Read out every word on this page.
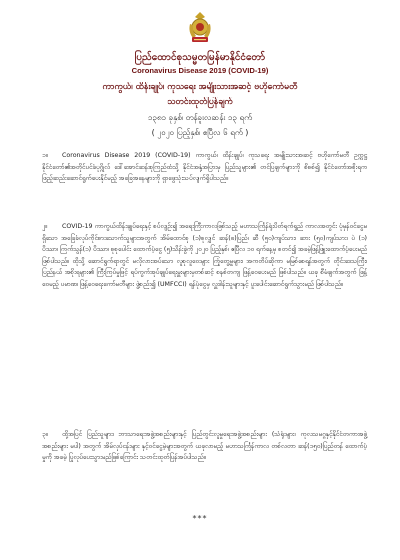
ပြည်ထောင်စုသမ္မတမြန်မာနိုင်ငံတော်
Coronavirus Disease 2019 (COVID-19)
ကာကွယ်၊ ထိန်းချုပ်၊ ကုသရေး အမျိုးသားအဆင့် ဗဟိုကော်မတီ
သတင်းထုတ်ပြန်ချက်
၁၃၈၁ ခုနှစ်၊ တန်ခူးလဆန်း ၁၃ ရက်
( ၂၀၂၀ ပြည့်နှစ်၊ ဧပြီလ ၆ ရက် )
၁။ Coronavirus Disease 2019 (COVID-19) ကာကွယ်၊ ထိန်းချုပ်၊ ကုသရေး အမျိုးသားအဆင့် ဗဟိုကော်မတီ ဥက္ကဋ္ဌ နိုင်ငံတော်၏အတိုင်ပင်ခံပုဂ္ဂိုလ် ဒေါ်အောင်ဆန်းစုကြည်ထံသို့ နိုင်ငံအနှံ့အပြားမှ ပြည်သူများ၏ တင်ပြချက်များကို စိစစ်၍ နိုင်ငံတော်အစိုးရက ဖြည့်ဆည်းဆောင်ရွက်ပေးနိုင်မည့် အခြေအနေများကို ရှာဖွေသုံးသပ်လျက်ရှိပါသည်။
၂။ COVID-19 ကာကွယ်ထိန်းချုပ်ရေးနှင့် စပ်လျဉ်း၍ အရေးကြီးကာလဖြစ်သည့် မဟာသင်္ကြန်ရုံးပိတ်ရက်ရှည် ကာလအတွင်း ပုံမှန်ဝင်ငွေမရှိသော အခြေခံလုပ်ကိုင်စားသောက်သူများအတွက် အိမ်ထောင်စု (၁)စုလျှင် ဆန်(၈)ပြည်၊ ဆီ (၅၀)ကျပ်သား၊ ဆား (၅၀)ကျပ်သား၊ ပဲ (၁) ပိဿာ၊ ကြက်သွန်(၁) ပိဿာ၊ စုစုပေါင်း ထောက်ပံ့ငွေ (၅)သိန်းခွဲကို ၂၀၂၀ ပြည့်နှစ်၊ ဧပြီလ ၁၀ ရက်နေ့မှ စတင်၍ အခမဲ့ဖြန့်ဖြူးထောက်ပံ့ပေးမည် ဖြစ်ပါသည်။ ထိုသို့ ဆောင်ရွက်ရာတွင် မလိုလားအပ်သော လူစုလူဝေးများ ကြုံတွေ့မှုများ၊ အကတိပ်ဆိုကာ မမြစ်စေရန်အတွက် တိုင်းဒေသကြီး၊ ပြည်နယ် အစိုးရများ၏ ကြီးကြပ်မှုဖြင့် ရပ်ကွက်အုပ်ချုပ်ရေးမှူးများမှတစ်ဆင့် စနစ်တကျ ဖြန့်ဝေပေးမည် ဖြစ်ပါသည်။ ယခု စီမံချက်အတွက် ဖြန့်ဝေမည့် ပမာဏ၊ ဖြန့်ဝေရေးကော်မတီများ ဖွဲ့စည်း၍ (UMFCCI) ရန်ပုံငွေမှ လှူဒါန်းသူများနှင့် ပူးပေါင်းဆောင်ရွက်သွားမည် ဖြစ်ပါသည်။
၃။ ထို့အပြင် ပြည်သူများ၊ ဘာသာရေးအဖွဲ့အစည်းများနှင့် ပြည်တွင်းလူမှုရေးအဖွဲ့အစည်းများ (သံရုံးများ၊ ကုလသမဂ္ဂနှင့်နိုင်ငံတကာအဖွဲ့အစည်းများ မပါ) အတွက် အိမ်လုပ်ငန်းများ နှင့်ဝင်ငွေမဲ့များအတွက် ယခုလာမည့် မဟာသင်္ကြန်ကာလ တစ်လတာ ဆန်(၁၅၀)ပြည်တန် ထောက်ပံ့မှုကို အခမဲ့ ပြုလုပ်ပေးသွားမည်ဖြစ်ကြောင်း သတင်းထုတ်ပြန်အပ်ပါသည်။
***
